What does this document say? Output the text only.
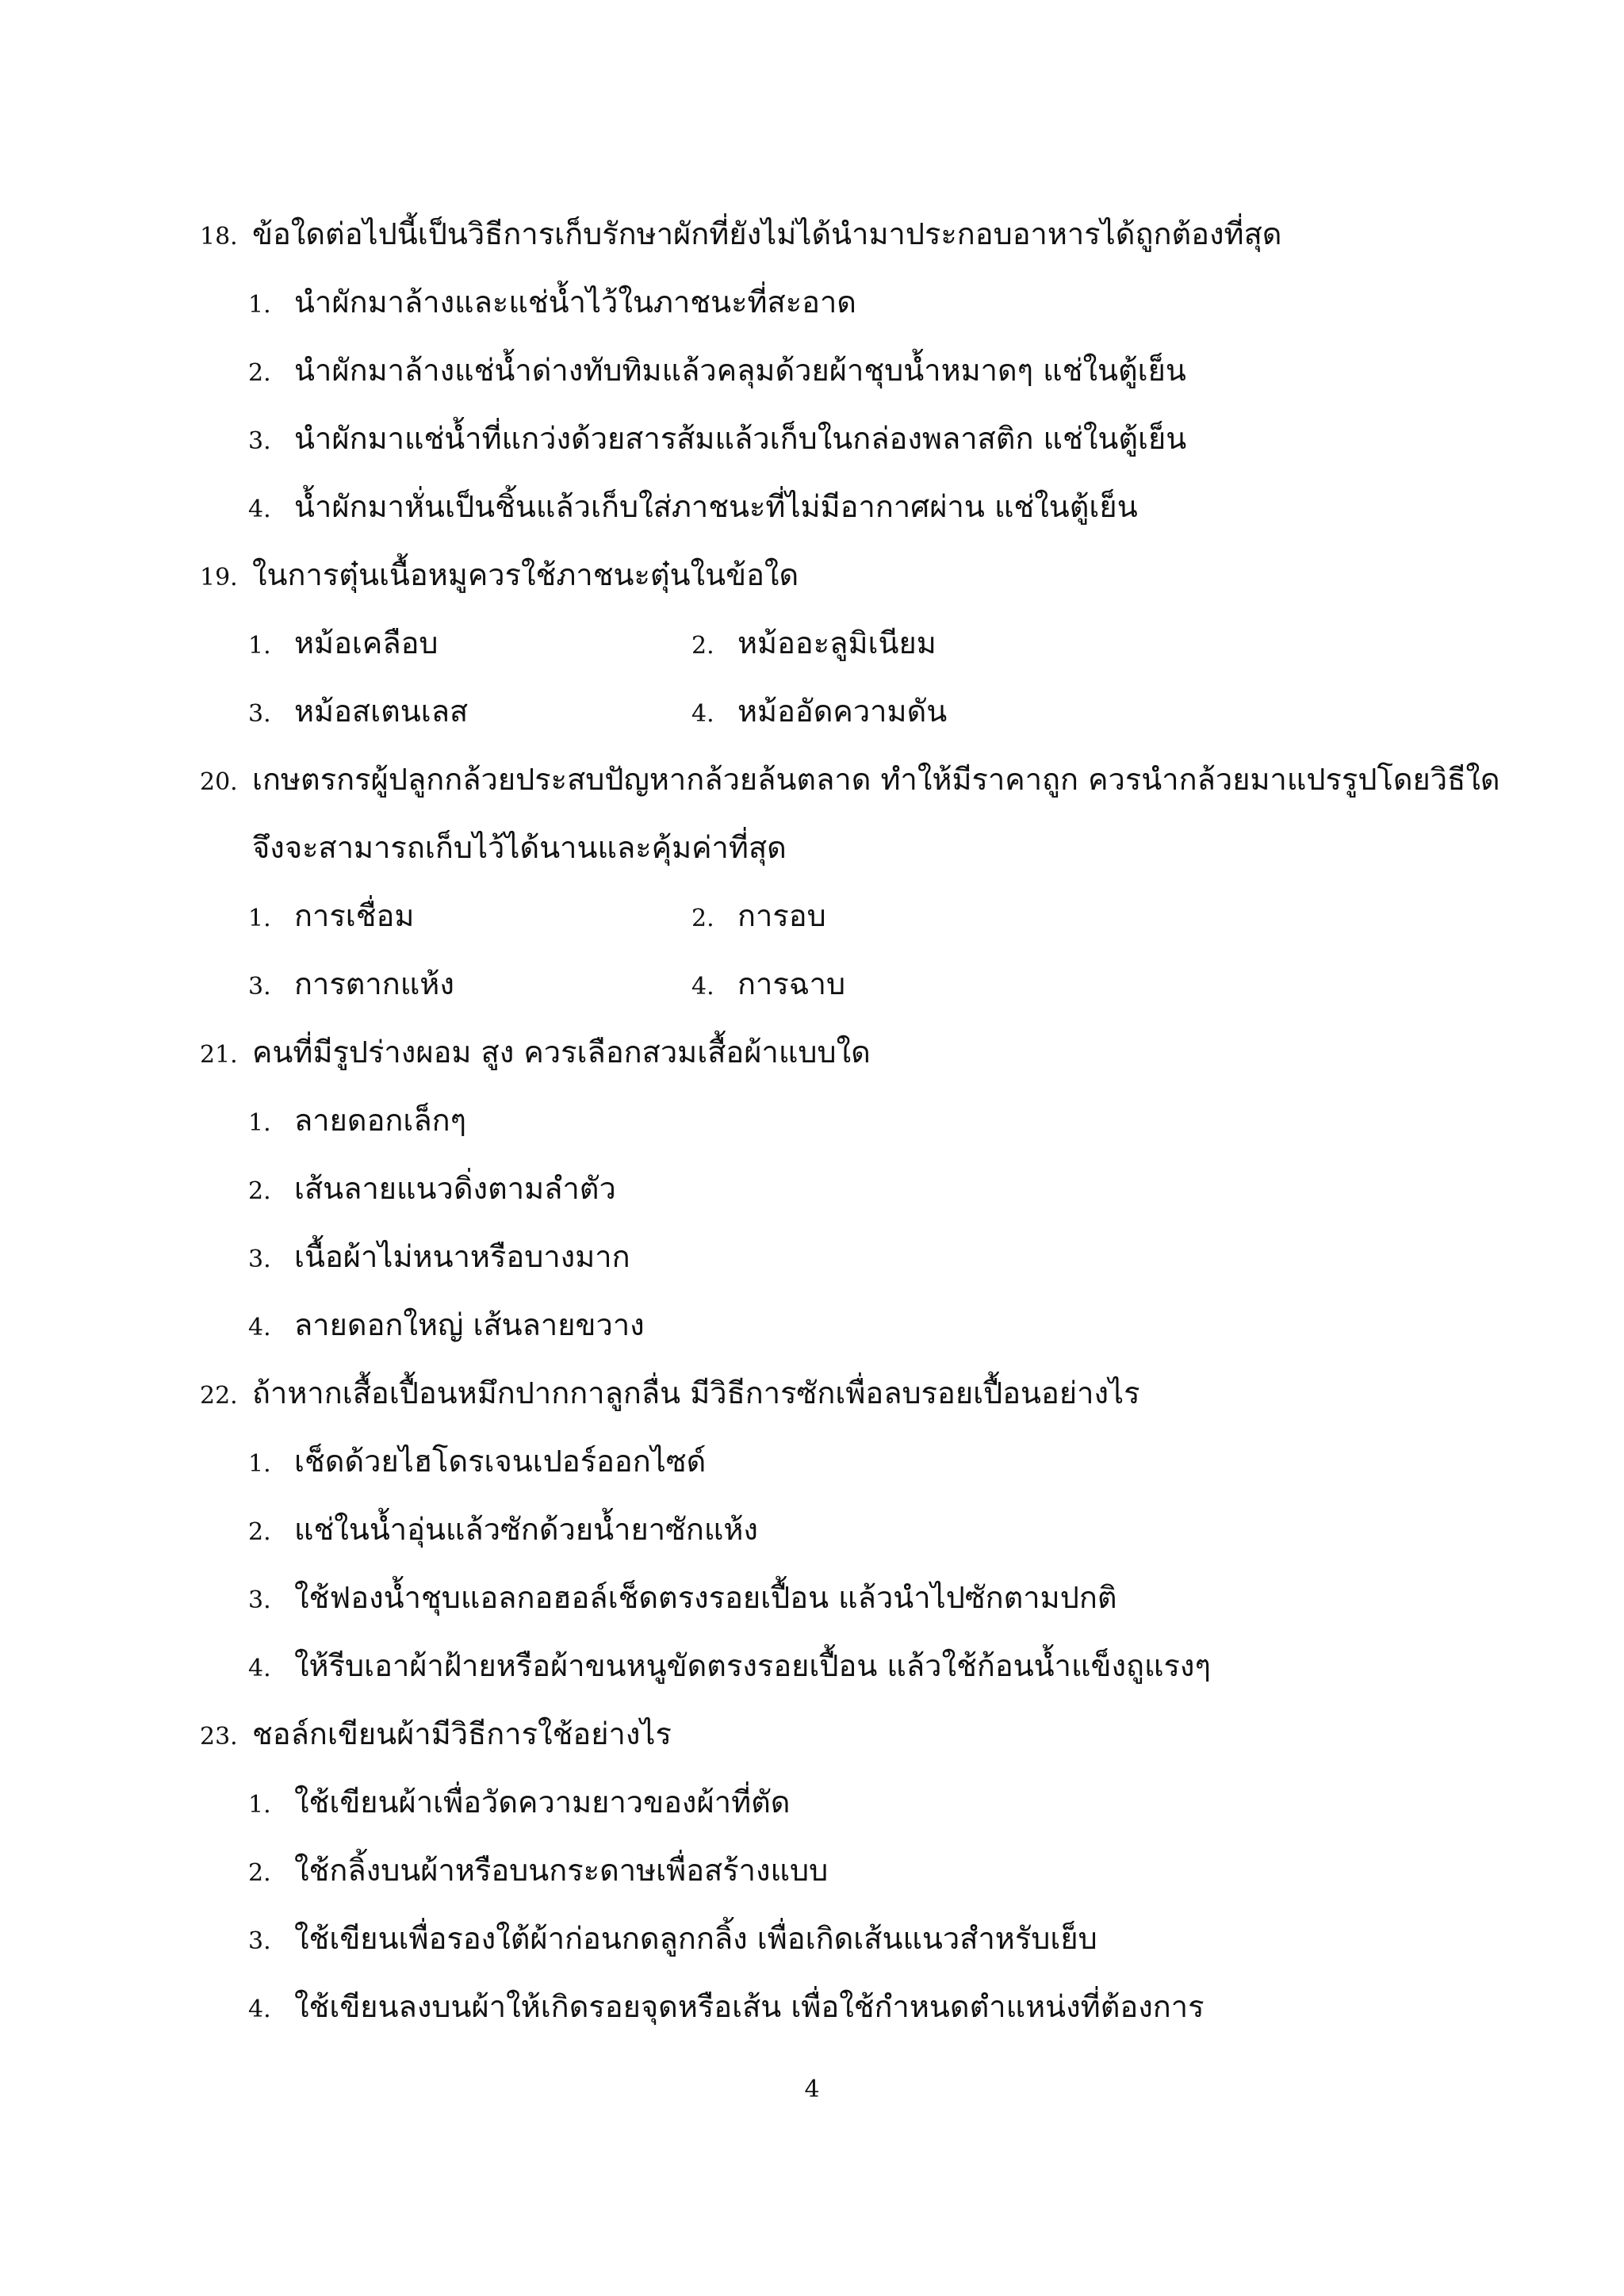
18. ข้อใดต่อไปนี้เป็นวิธีการเก็บรักษาผักที่ยังไม่ได้นำมาประกอบอาหารได้ถูกต้องที่สุด
1. นำผักมาล้างและแช่น้ำไว้ในภาชนะที่สะอาด
2. นำผักมาล้างแช่น้ำด่างทับทิมแล้วคลุมด้วยผ้าชุบน้ำหมาดๆ แช่ในตู้เย็น
3. นำผักมาแช่น้ำที่แกว่งด้วยสารส้มแล้วเก็บในกล่องพลาสติก แช่ในตู้เย็น
4. น้ำผักมาหั่นเป็นชิ้นแล้วเก็บใส่ภาชนะที่ไม่มีอากาศผ่าน แช่ในตู้เย็น
19. ในการตุ๋นเนื้อหมูควรใช้ภาชนะตุ๋นในข้อใด
1. หม้อเคลือบ	2. หม้ออะลูมิเนียม
3. หม้อสเตนเลส	4. หม้ออัดความดัน
20. เกษตรกรผู้ปลูกกล้วยประสบปัญหากล้วยล้นตลาด ทำให้มีราคาถูก ควรนำกล้วยมาแปรรูปโดยวิธีใด
จึงจะสามารถเก็บไว้ได้นานและคุ้มค่าที่สุด
1. การเชื่อม	2. การอบ
3. การตากแห้ง	4. การฉาบ
21. คนที่มีรูปร่างผอม สูง ควรเลือกสวมเสื้อผ้าแบบใด
1. ลายดอกเล็กๆ
2. เส้นลายแนวดิ่งตามลำตัว
3. เนื้อผ้าไม่หนาหรือบางมาก
4. ลายดอกใหญ่ เส้นลายขวาง
22. ถ้าหากเสื้อเปื้อนหมึกปากกาลูกลื่น มีวิธีการซักเพื่อลบรอยเปื้อนอย่างไร
1. เช็ดด้วยไฮโดรเจนเปอร์ออกไซด์
2. แช่ในน้ำอุ่นแล้วซักด้วยน้ำยาซักแห้ง
3. ใช้ฟองน้ำชุบแอลกอฮอล์เช็ดตรงรอยเปื้อน แล้วนำไปซักตามปกติ
4. ให้รีบเอาผ้าฝ้ายหรือผ้าขนหนูขัดตรงรอยเปื้อน แล้วใช้ก้อนน้ำแข็งถูแรงๆ
23. ชอล์กเขียนผ้ามีวิธีการใช้อย่างไร
1. ใช้เขียนผ้าเพื่อวัดความยาวของผ้าที่ตัด
2. ใช้กลิ้งบนผ้าหรือบนกระดาษเพื่อสร้างแบบ
3. ใช้เขียนเพื่อรองใต้ผ้าก่อนกดลูกกลิ้ง เพื่อเกิดเส้นแนวสำหรับเย็บ
4. ใช้เขียนลงบนผ้าให้เกิดรอยจุดหรือเส้น เพื่อใช้กำหนดตำแหน่งที่ต้องการ
4
